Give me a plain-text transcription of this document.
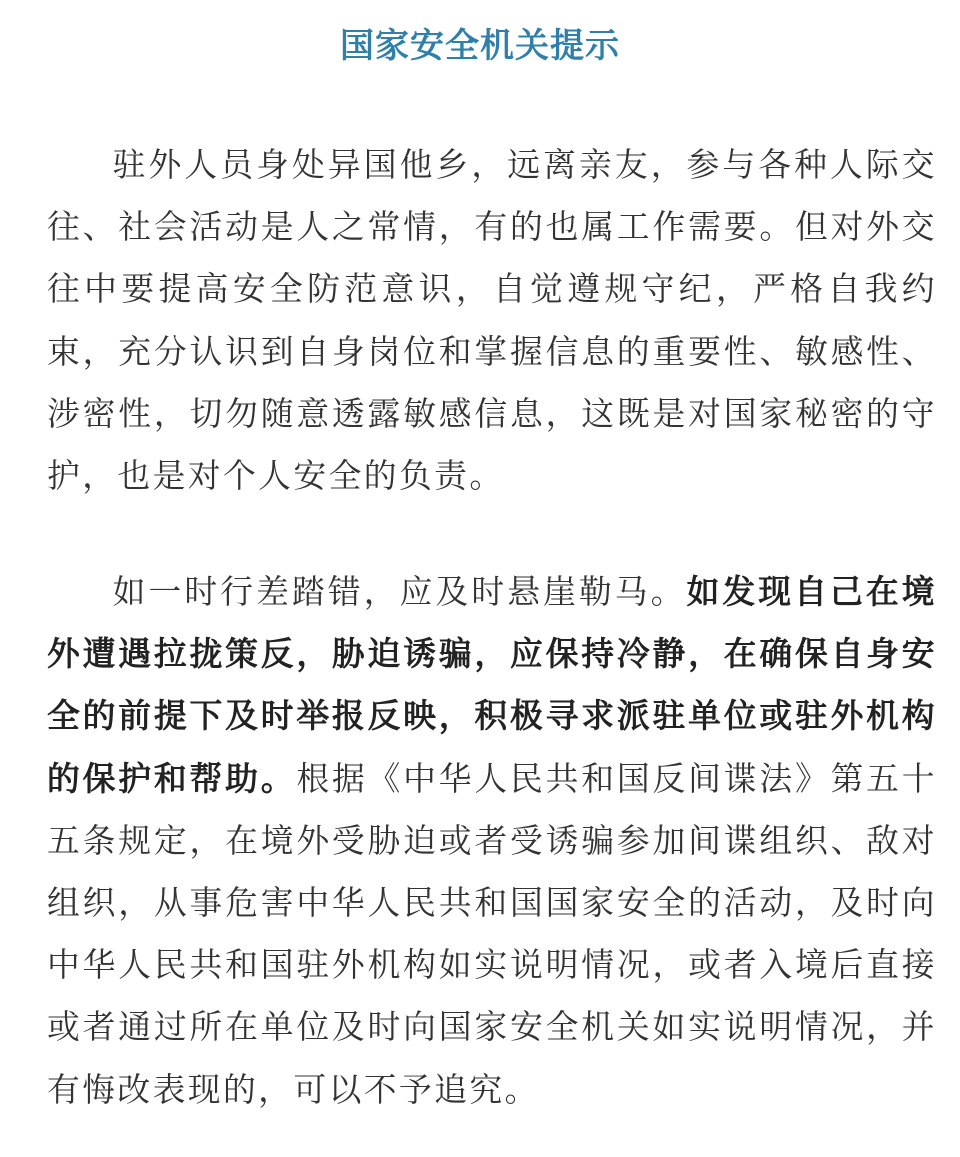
国家安全机关提示

驻外人员身处异国他乡，远离亲友，参与各种人际交往、社会活动是人之常情，有的也属工作需要。但对外交往中要提高安全防范意识，自觉遵规守纪，严格自我约束，充分认识到自身岗位和掌握信息的重要性、敏感性、涉密性，切勿随意透露敏感信息，这既是对国家秘密的守护，也是对个人安全的负责。

如一时行差踏错，应及时悬崖勒马。如发现自己在境外遭遇拉拢策反，胁迫诱骗，应保持冷静，在确保自身安全的前提下及时举报反映，积极寻求派驻单位或驻外机构的保护和帮助。根据《中华人民共和国反间谍法》第五十五条规定，在境外受胁迫或者受诱骗参加间谍组织、敌对组织，从事危害中华人民共和国国家安全的活动，及时向中华人民共和国驻外机构如实说明情况，或者入境后直接或者通过所在单位及时向国家安全机关如实说明情况，并有悔改表现的，可以不予追究。
